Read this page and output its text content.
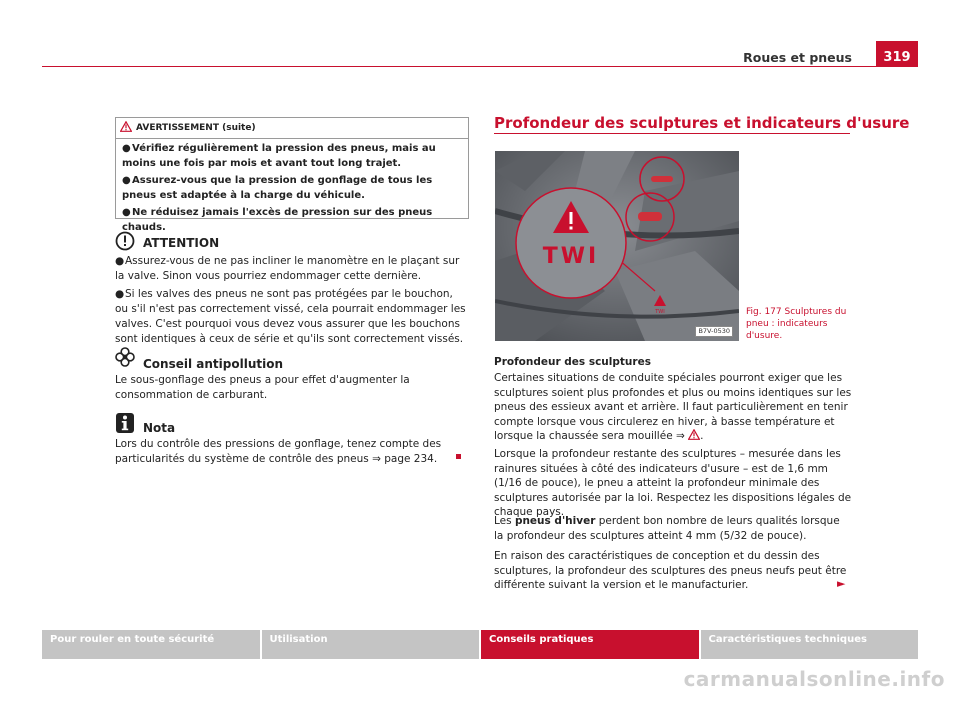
Roues et pneus	319
AVERTISSEMENT (suite)
●Vérifiez régulièrement la pression des pneus, mais au moins une fois par mois et avant tout long trajet.
●Assurez-vous que la pression de gonflage de tous les pneus est adaptée à la charge du véhicule.
●Ne réduisez jamais l'excès de pression sur des pneus chauds.
ATTENTION

●Assurez-vous de ne pas incliner le manomètre en le plaçant sur la valve. Sinon vous pourriez endommager cette dernière.

●Si les valves des pneus ne sont pas protégées par le bouchon, ou s'il n'est pas correctement vissé, cela pourrait endommager les valves. C'est pourquoi vous devez vous assurer que les bouchons sont identiques à ceux de série et qu'ils sont correctement vissés.

Conseil antipollution

Le sous-gonflage des pneus a pour effet d'augmenter la consommation de carburant.

Nota

Lors du contrôle des pressions de gonflage, tenez compte des particularités du système de contrôle des pneus ⇒ page 234.

Profondeur des sculptures et indicateurs d'usure
TWI
TWI
B7V-0530
Fig. 177 Sculptures du pneu : indicateurs d'usure.
Profondeur des sculptures

Certaines situations de conduite spéciales pourront exiger que les sculptures soient plus profondes et plus ou moins identiques sur les pneus des essieux avant et arrière. Il faut particulièrement en tenir compte lorsque vous circulerez en hiver, à basse température et lorsque la chaussée sera mouillée ⇒ .

Lorsque la profondeur restante des sculptures – mesurée dans les rainures situées à côté des indicateurs d'usure – est de 1,6 mm (1/16 de pouce), le pneu a atteint la profondeur minimale des sculptures autorisée par la loi. Respectez les dispositions légales de chaque pays.

Les pneus d'hiver perdent bon nombre de leurs qualités lorsque la profondeur des sculptures atteint 4 mm (5/32 de pouce).

En raison des caractéristiques de conception et du dessin des sculptures, la profondeur des sculptures des pneus neufs peut être différente suivant la version et le manufacturier.	►
Pour rouler en toute sécurité	Utilisation	Conseils pratiques	Caractéristiques techniques
carmanualsonline.info
